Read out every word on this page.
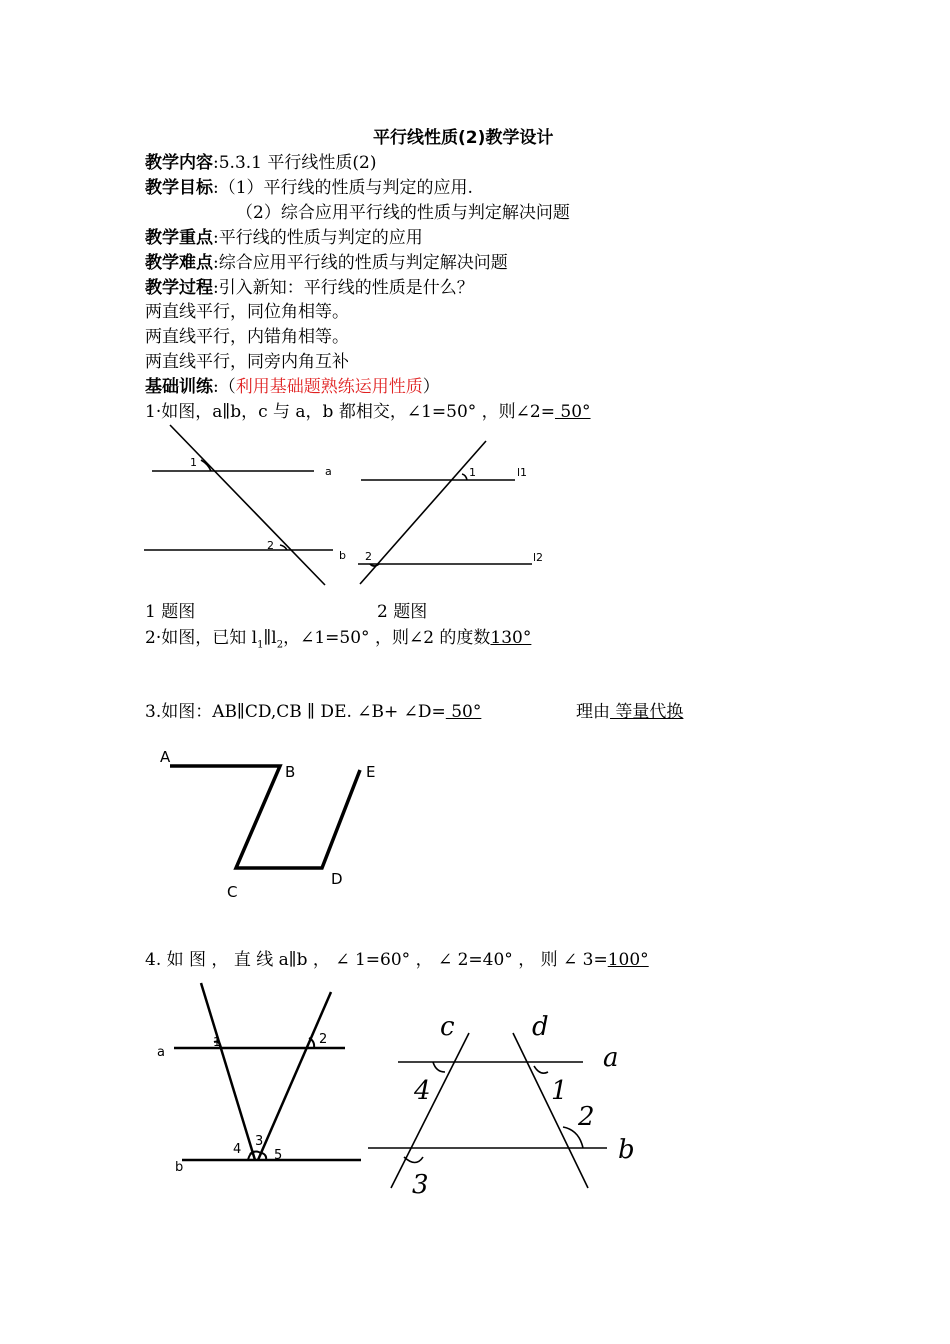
平行线性质(2)教学设计
教学内容:5.3.1 平行线性质(2)
教学目标:（1）平行线的性质与判定的应用.
（2）综合应用平行线的性质与判定解决问题
教学重点:平行线的性质与判定的应用
教学难点:综合应用平行线的性质与判定解决问题
教学过程:引入新知：平行线的性质是什么？
两直线平行，同位角相等。
两直线平行，内错角相等。
两直线平行，同旁内角互补
基础训练:（利用基础题熟练运用性质）
1·如图，a∥b，c 与 a，b 都相交，∠1=50° ，则∠2= 50°
1
2
a
b
1
2
l1
l2
1 题图	2 题图
2·如图，已知 $l_1\parallel l_2$，∠1=50° ，则∠2 的度数130°
3.如图：AB∥CD,CB ∥ DE. ∠B+ ∠D= 50°	理由 等量代换
A
B
C
D
E
4. 如 图 ， 直 线 a∥b ， ∠ 1=60° ， ∠ 2=40° ， 则 ∠ 3=100°
1	2
3
4	5
a
b
c	d
a
b
1
2
3
4
